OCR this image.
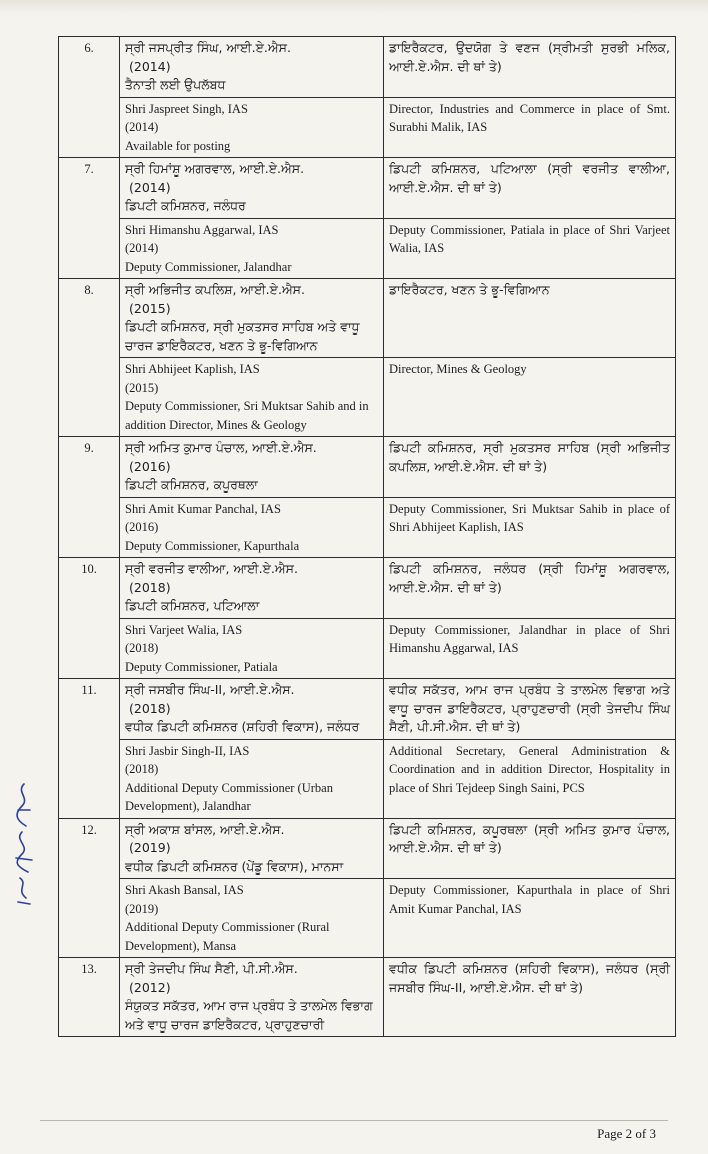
6.	ਸ੍ਰੀ ਜਸਪ੍ਰੀਤ ਸਿੰਘ, ਆਈ.ਏ.ਐਸ.
(2014)
ਤੈਨਾਤੀ ਲਈ ਉਪਲੱਬਧ	ਡਾਇਰੈਕਟਰ, ਉਦਯੋਗ ਤੇ ਵਣਜ (ਸ੍ਰੀਮਤੀ ਸੁਰਭੀ ਮਲਿਕ, ਆਈ.ਏ.ਐਸ. ਦੀ ਥਾਂ ਤੇ)

	Shri Jaspreet Singh, IAS
(2014)
Available for posting	Director, Industries and Commerce in place of Smt. Surabhi Malik, IAS
7.	ਸ੍ਰੀ ਹਿਮਾਂਸ਼ੂ ਅਗਰਵਾਲ, ਆਈ.ਏ.ਐਸ.
(2014)
ਡਿਪਟੀ ਕਮਿਸ਼ਨਰ, ਜਲੰਧਰ	ਡਿਪਟੀ ਕਮਿਸ਼ਨਰ, ਪਟਿਆਲਾ (ਸ੍ਰੀ ਵਰਜੀਤ ਵਾਲੀਆ, ਆਈ.ਏ.ਐਸ. ਦੀ ਥਾਂ ਤੇ)

	Shri Himanshu Aggarwal, IAS
(2014)
Deputy Commissioner, Jalandhar	Deputy Commissioner, Patiala in place of Shri Varjeet Walia, IAS
8.	ਸ੍ਰੀ ਅਭਿਜੀਤ ਕਪਲਿਸ਼, ਆਈ.ਏ.ਐਸ.
(2015)
ਡਿਪਟੀ ਕਮਿਸ਼ਨਰ, ਸ੍ਰੀ ਮੁਕਤਸਰ ਸਾਹਿਬ ਅਤੇ ਵਾਧੂ ਚਾਰਜ ਡਾਇਰੈਕਟਰ, ਖਣਨ ਤੇ ਭੂ-ਵਿਗਿਆਨ	ਡਾਇਰੈਕਟਰ, ਖਣਨ ਤੇ ਭੂ-ਵਿਗਿਆਨ

	Shri Abhijeet Kaplish, IAS
(2015)
Deputy Commissioner, Sri Muktsar Sahib and in addition Director, Mines & Geology	Director, Mines & Geology
9.	ਸ੍ਰੀ ਅਮਿਤ ਕੁਮਾਰ ਪੰਚਾਲ, ਆਈ.ਏ.ਐਸ.
(2016)
ਡਿਪਟੀ ਕਮਿਸ਼ਨਰ, ਕਪੂਰਥਲਾ	ਡਿਪਟੀ ਕਮਿਸ਼ਨਰ, ਸ੍ਰੀ ਮੁਕਤਸਰ ਸਾਹਿਬ (ਸ੍ਰੀ ਅਭਿਜੀਤ ਕਪਲਿਸ਼, ਆਈ.ਏ.ਐਸ. ਦੀ ਥਾਂ ਤੇ)

	Shri Amit Kumar Panchal, IAS
(2016)
Deputy Commissioner, Kapurthala	Deputy Commissioner, Sri Muktsar Sahib in place of Shri Abhijeet Kaplish, IAS
10.	ਸ੍ਰੀ ਵਰਜੀਤ ਵਾਲੀਆ, ਆਈ.ਏ.ਐਸ.
(2018)
ਡਿਪਟੀ ਕਮਿਸ਼ਨਰ, ਪਟਿਆਲਾ	ਡਿਪਟੀ ਕਮਿਸ਼ਨਰ, ਜਲੰਧਰ (ਸ੍ਰੀ ਹਿਮਾਂਸ਼ੂ ਅਗਰਵਾਲ, ਆਈ.ਏ.ਐਸ. ਦੀ ਥਾਂ ਤੇ)

	Shri Varjeet Walia, IAS
(2018)
Deputy Commissioner, Patiala	Deputy Commissioner, Jalandhar in place of Shri Himanshu Aggarwal, IAS
11.	ਸ੍ਰੀ ਜਸਬੀਰ ਸਿੰਘ-II, ਆਈ.ਏ.ਐਸ.
(2018)
ਵਧੀਕ ਡਿਪਟੀ ਕਮਿਸ਼ਨਰ (ਸ਼ਹਿਰੀ ਵਿਕਾਸ), ਜਲੰਧਰ	ਵਧੀਕ ਸਕੱਤਰ, ਆਮ ਰਾਜ ਪ੍ਰਬੰਧ ਤੇ ਤਾਲਮੇਲ ਵਿਭਾਗ ਅਤੇ ਵਾਧੂ ਚਾਰਜ ਡਾਇਰੈਕਟਰ, ਪ੍ਰਾਹੁਣਚਾਰੀ (ਸ੍ਰੀ ਤੇਜਦੀਪ ਸਿੰਘ ਸੈਣੀ, ਪੀ.ਸੀ.ਐਸ. ਦੀ ਥਾਂ ਤੇ)

	Shri Jasbir Singh-II, IAS
(2018)
Additional Deputy Commissioner (Urban Development), Jalandhar	Additional Secretary, General Administration & Coordination and in addition Director, Hospitality in place of Shri Tejdeep Singh Saini, PCS
12.	ਸ੍ਰੀ ਅਕਾਸ਼ ਬਾਂਸਲ, ਆਈ.ਏ.ਐਸ.
(2019)
ਵਧੀਕ ਡਿਪਟੀ ਕਮਿਸ਼ਨਰ (ਪੇਂਡੂ ਵਿਕਾਸ), ਮਾਨਸਾ	ਡਿਪਟੀ ਕਮਿਸ਼ਨਰ, ਕਪੂਰਥਲਾ (ਸ੍ਰੀ ਅਮਿਤ ਕੁਮਾਰ ਪੰਚਾਲ, ਆਈ.ਏ.ਐਸ. ਦੀ ਥਾਂ ਤੇ)

	Shri Akash Bansal, IAS
(2019)
Additional Deputy Commissioner (Rural Development), Mansa	Deputy Commissioner, Kapurthala in place of Shri Amit Kumar Panchal, IAS
13.	ਸ੍ਰੀ ਤੇਜਦੀਪ ਸਿੰਘ ਸੈਣੀ, ਪੀ.ਸੀ.ਐਸ.
(2012)
ਸੰਯੁਕਤ ਸਕੱਤਰ, ਆਮ ਰਾਜ ਪ੍ਰਬੰਧ ਤੇ ਤਾਲਮੇਲ ਵਿਭਾਗ ਅਤੇ ਵਾਧੂ ਚਾਰਜ ਡਾਇਰੈਕਟਰ, ਪ੍ਰਾਹੁਣਚਾਰੀ	ਵਧੀਕ ਡਿਪਟੀ ਕਮਿਸ਼ਨਰ (ਸ਼ਹਿਰੀ ਵਿਕਾਸ), ਜਲੰਧਰ (ਸ੍ਰੀ ਜਸਬੀਰ ਸਿੰਘ-II, ਆਈ.ਏ.ਐਸ. ਦੀ ਥਾਂ ਤੇ)
Page 2 of 3
